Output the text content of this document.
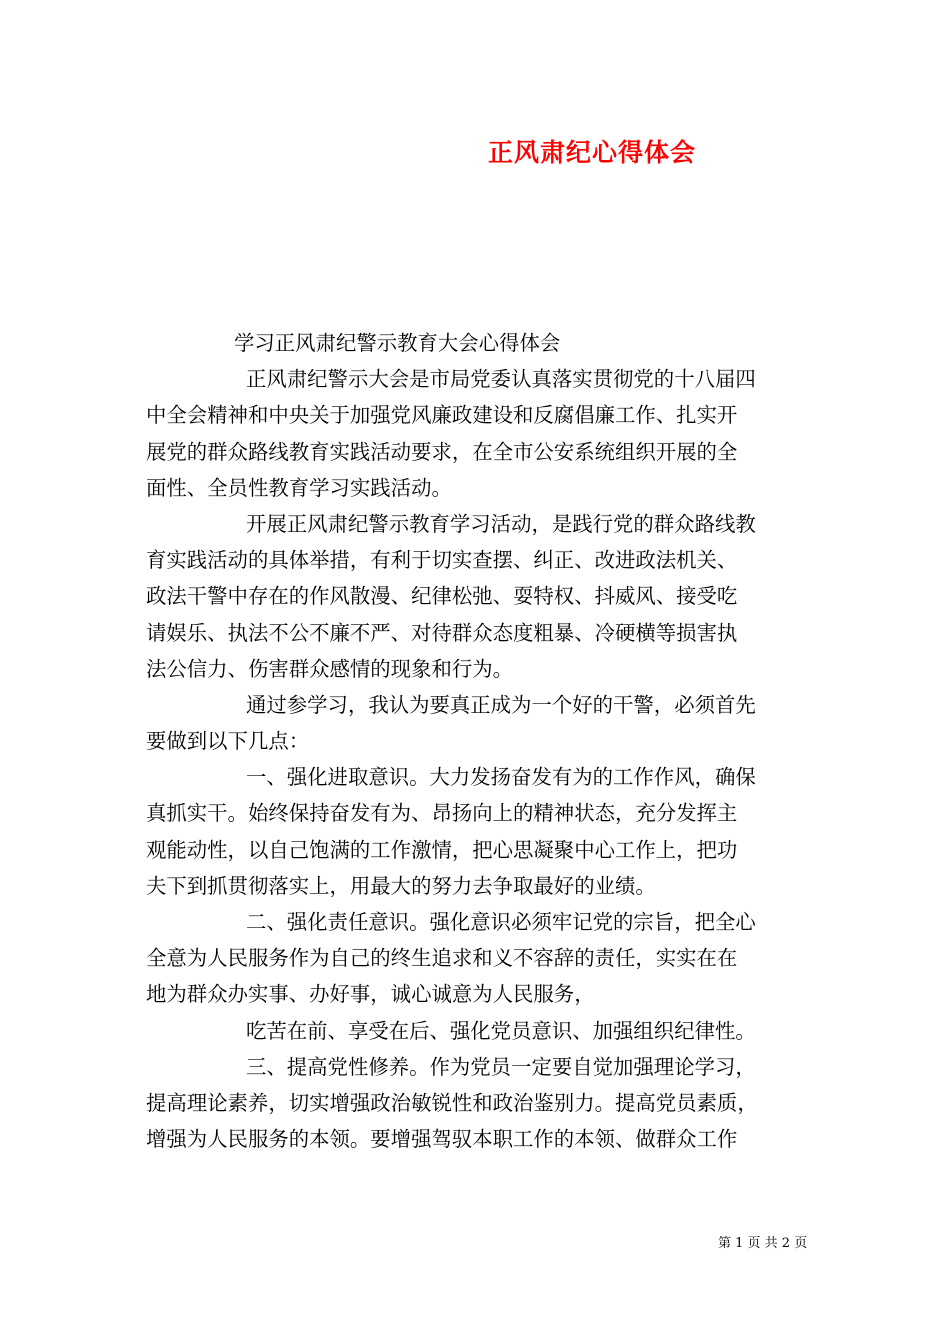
正风肃纪心得体会
学习正风肃纪警示教育大会心得体会
正风肃纪警示大会是市局党委认真落实贯彻党的十八届四
中全会精神和中央关于加强党风廉政建设和反腐倡廉工作、扎实开
展党的群众路线教育实践活动要求，在全市公安系统组织开展的全
面性、全员性教育学习实践活动。
开展正风肃纪警示教育学习活动，是践行党的群众路线教
育实践活动的具体举措，有利于切实查摆、纠正、改进政法机关、
政法干警中存在的作风散漫、纪律松弛、耍特权、抖威风、接受吃
请娱乐、执法不公不廉不严、对待群众态度粗暴、冷硬横等损害执
法公信力、伤害群众感情的现象和行为。
通过参学习，我认为要真正成为一个好的干警，必须首先
要做到以下几点：
一、强化进取意识。大力发扬奋发有为的工作作风，确保
真抓实干。始终保持奋发有为、昂扬向上的精神状态，充分发挥主
观能动性，以自己饱满的工作激情，把心思凝聚中心工作上，把功
夫下到抓贯彻落实上，用最大的努力去争取最好的业绩。
二、强化责任意识。强化意识必须牢记党的宗旨，把全心
全意为人民服务作为自己的终生追求和义不容辞的责任，实实在在
地为群众办实事、办好事，诚心诚意为人民服务，
吃苦在前、享受在后、强化党员意识、加强组织纪律性。
三、提高党性修养。作为党员一定要自觉加强理论学习，
提高理论素养，切实增强政治敏锐性和政治鉴别力。提高党员素质，
增强为人民服务的本领。要增强驾驭本职工作的本领、做群众工作
第 1 页 共 2 页
